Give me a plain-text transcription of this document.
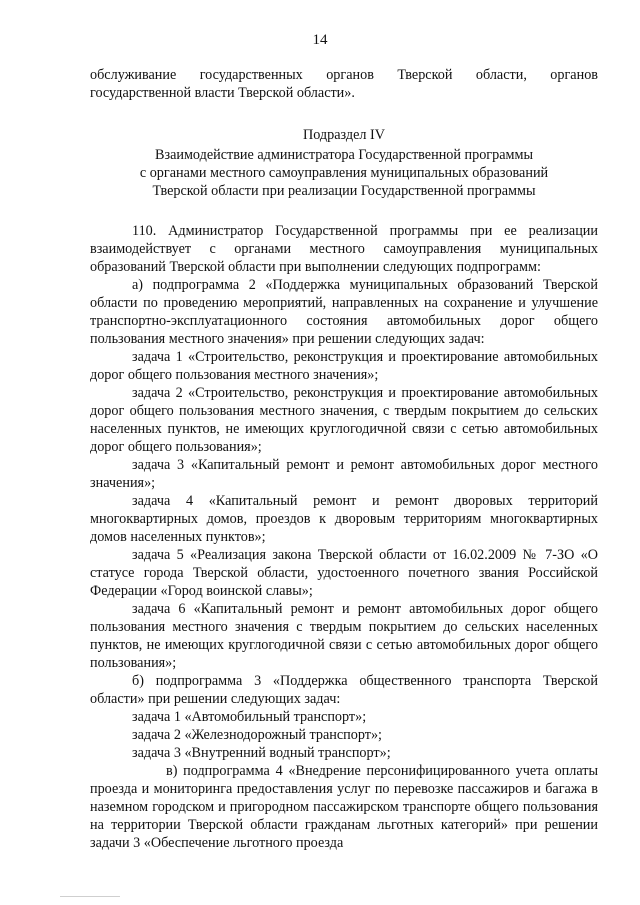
14

обслуживание государственных органов Тверской области, органов государственной власти Тверской области».

Подраздел IV

Взаимодействие администратора Государственной программы
с органами местного самоуправления муниципальных образований
Тверской области при реализации Государственной программы

110. Администратор Государственной программы при ее реализации взаимодействует с органами местного самоуправления муниципальных образований Тверской области при выполнении следующих подпрограмм:

а) подпрограмма 2 «Поддержка муниципальных образований Тверской области по проведению мероприятий, направленных на сохранение и улучшение транспортно-эксплуатационного состояния автомобильных дорог общего пользования местного значения» при решении следующих задач:

задача 1 «Строительство, реконструкция и проектирование автомобильных дорог общего пользования местного значения»;

задача 2 «Строительство, реконструкция и проектирование автомобильных дорог общего пользования местного значения, с твердым покрытием до сельских населенных пунктов, не имеющих круглогодичной связи с сетью автомобильных дорог общего пользования»;

задача 3 «Капитальный ремонт и ремонт автомобильных дорог местного значения»;

задача 4 «Капитальный ремонт и ремонт дворовых территорий многоквартирных домов, проездов к дворовым территориям многоквартирных домов населенных пунктов»;

задача 5 «Реализация закона Тверской области от 16.02.2009 № 7-ЗО «О статусе города Тверской области, удостоенного почетного звания Российской Федерации «Город воинской славы»;

задача 6 «Капитальный ремонт и ремонт автомобильных дорог общего пользования местного значения с твердым покрытием до сельских населенных пунктов, не имеющих круглогодичной связи с сетью автомобильных дорог общего пользования»;

б) подпрограмма 3 «Поддержка общественного транспорта Тверской области» при решении следующих задач:

задача 1 «Автомобильный транспорт»;

задача 2 «Железнодорожный транспорт»;

задача 3 «Внутренний водный транспорт»;

в) подпрограмма 4 «Внедрение персонифицированного учета оплаты проезда и мониторинга предоставления услуг по перевозке пассажиров и багажа в наземном городском и пригородном пассажирском транспорте общего пользования на территории Тверской области гражданам льготных категорий» при решении задачи 3 «Обеспечение льготного проезда
